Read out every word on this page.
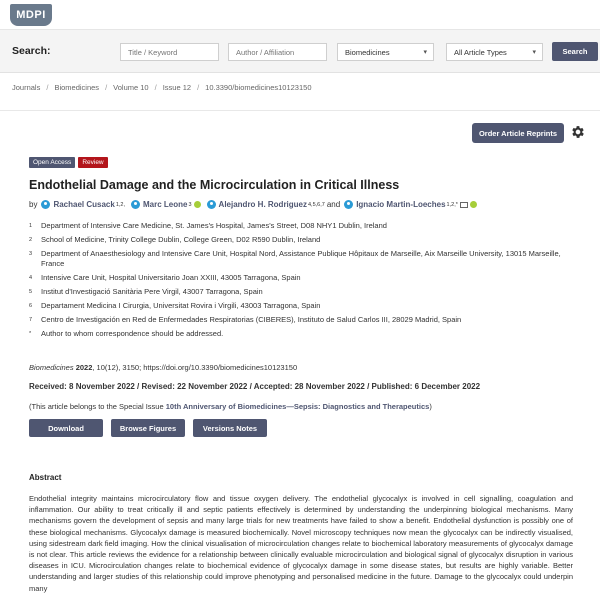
MDPI
Search:
Title / Keyword
Author / Affiliation	Biomedicines	▾	All Article Types	▾	Search
Journals / Biomedicines / Volume 10 / Issue 12 / 10.3390/biomedicines10123150
Order Article Reprints
Open Access	Review
Endothelial Damage and the Microcirculation in Critical Illness
by Rachael Cusack 1,2, Marc Leone 3	Alejandro H. Rodriguez 4,5,6,7 and Ignacio Martin-Loeches 1,2,*
1	Department of Intensive Care Medicine, St. James's Hospital, James's Street, D08 NHY1 Dublin, Ireland
2	School of Medicine, Trinity College Dublin, College Green, D02 R590 Dublin, Ireland
3	Department of Anaesthesiology and Intensive Care Unit, Hospital Nord, Assistance Publique Hôpitaux de Marseille, Aix Marseille University, 13015 Marseille, France
4	Intensive Care Unit, Hospital Universitario Joan XXIII, 43005 Tarragona, Spain
5	Institut d'Investigació Sanitària Pere Virgil, 43007 Tarragona, Spain
6	Departament Medicina I Cirurgia, Universitat Rovira i Virgili, 43003 Tarragona, Spain
7	Centro de Investigación en Red de Enfermedades Respiratorias (CIBERES), Instituto de Salud Carlos III, 28029 Madrid, Spain
*	Author to whom correspondence should be addressed.
Biomedicines 2022, 10(12), 3150; https://doi.org/10.3390/biomedicines10123150
Received: 8 November 2022 / Revised: 22 November 2022 / Accepted: 28 November 2022 / Published: 6 December 2022
(This article belongs to the Special Issue 10th Anniversary of Biomedicines—Sepsis: Diagnostics and Therapeutics)
Download	Browse Figures	Versions Notes
Abstract

Endothelial integrity maintains microcirculatory flow and tissue oxygen delivery. The endothelial glycocalyx is involved in cell signalling, coagulation and inflammation. Our ability to treat critically ill and septic patients effectively is determined by understanding the underpinning biological mechanisms. Many mechanisms govern the development of sepsis and many large trials for new treatments have failed to show a benefit. Endothelial dysfunction is possibly one of these biological mechanisms. Glycocalyx damage is measured biochemically. Novel microscopy techniques now mean the glycocalyx can be indirectly visualised, using sidestream dark field imaging. How the clinical visualisation of microcirculation changes relate to biochemical laboratory measurements of glycocalyx damage is not clear. This article reviews the evidence for a relationship between clinically evaluable microcirculation and biological signal of glycocalyx disruption in various diseases in ICU. Microcirculation changes relate to biochemical evidence of glycocalyx damage in some disease states, but results are highly variable. Better understanding and larger studies of this relationship could improve phenotyping and personalised medicine in the future. Damage to the glycocalyx could underpin many
